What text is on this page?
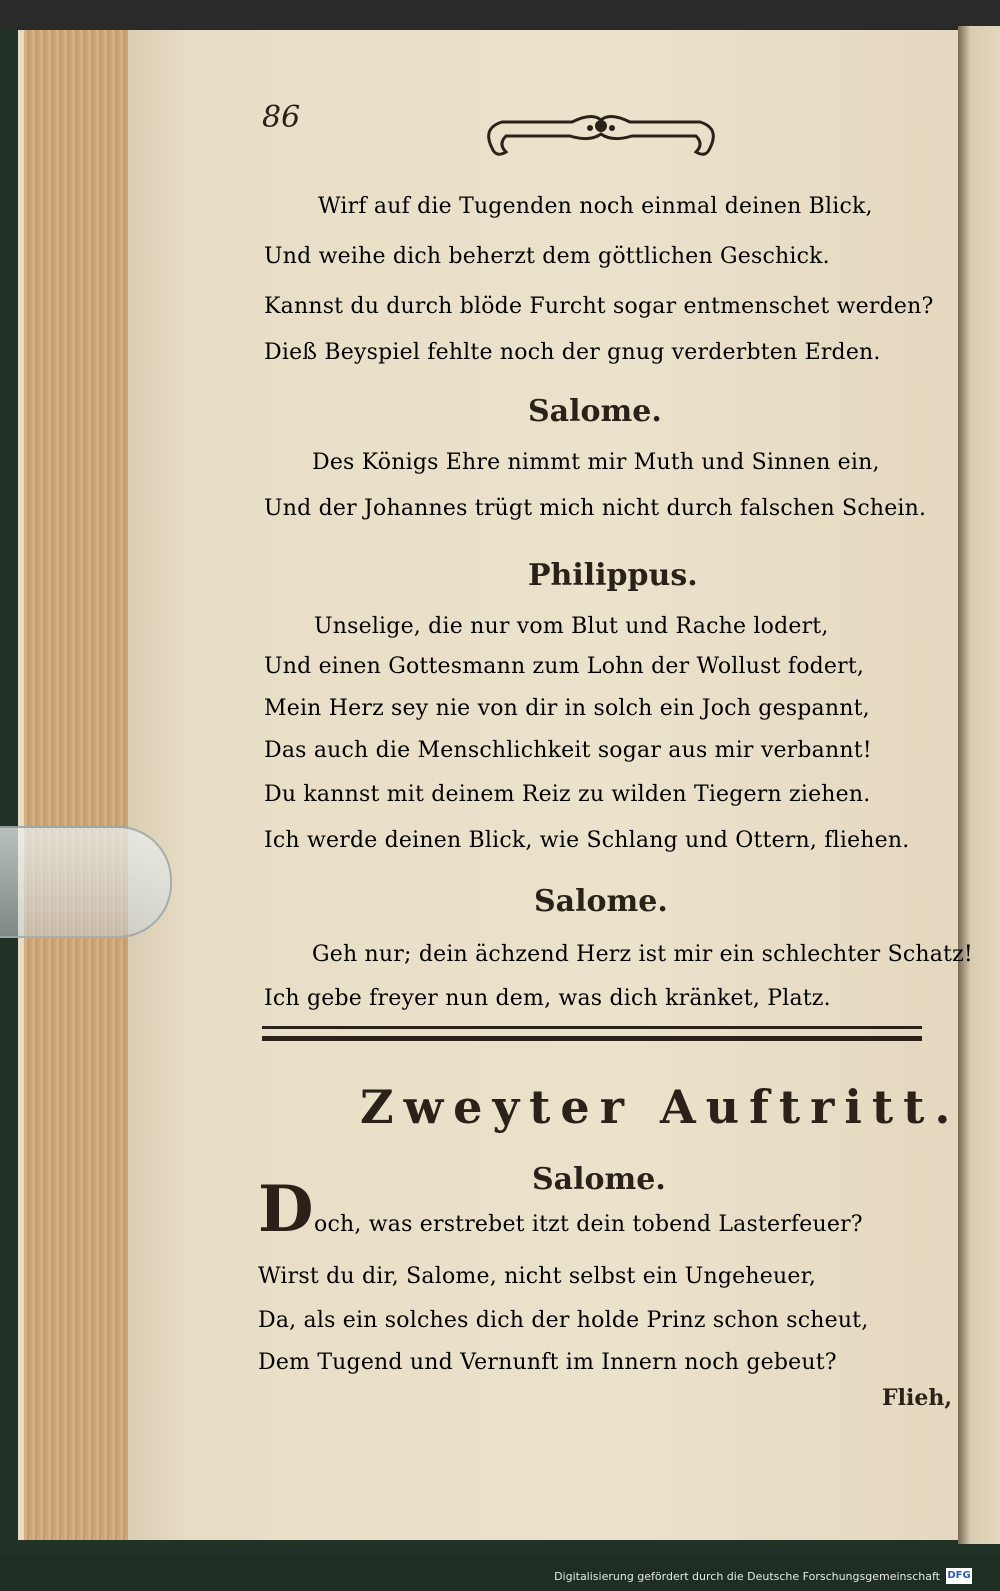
86
Wirf auf die Tugenden noch einmal deinen Blick,
Und weihe dich beherzt dem göttlichen Geschick.
Kannst du durch blöde Furcht sogar entmenschet werden?
Dieß Beyspiel fehlte noch der gnug verderbten Erden.
Salome.
Des Königs Ehre nimmt mir Muth und Sinnen ein,
Und der Johannes trügt mich nicht durch falschen Schein.
Philippus.
Unselige, die nur vom Blut und Rache lodert,
Und einen Gottesmann zum Lohn der Wollust fodert,
Mein Herz sey nie von dir in solch ein Joch gespannt,
Das auch die Menschlichkeit sogar aus mir verbannt!
Du kannst mit deinem Reiz zu wilden Tiegern ziehen.
Ich werde deinen Blick, wie Schlang und Ottern, fliehen.
Salome.
Geh nur; dein ächzend Herz ist mir ein schlechter Schatz!
Ich gebe freyer nun dem, was dich kränket, Platz.
Zweyter Auftritt.
Salome.
D och, was erstrebet itzt dein tobend Lasterfeuer?
Wirst du dir, Salome, nicht selbst ein Ungeheuer,
Da, als ein solches dich der holde Prinz schon scheut,
Dem Tugend und Vernunft im Innern noch gebeut?
Flieh,
Digitalisierung gefördert durch die Deutsche Forschungsgemeinschaft DFG
